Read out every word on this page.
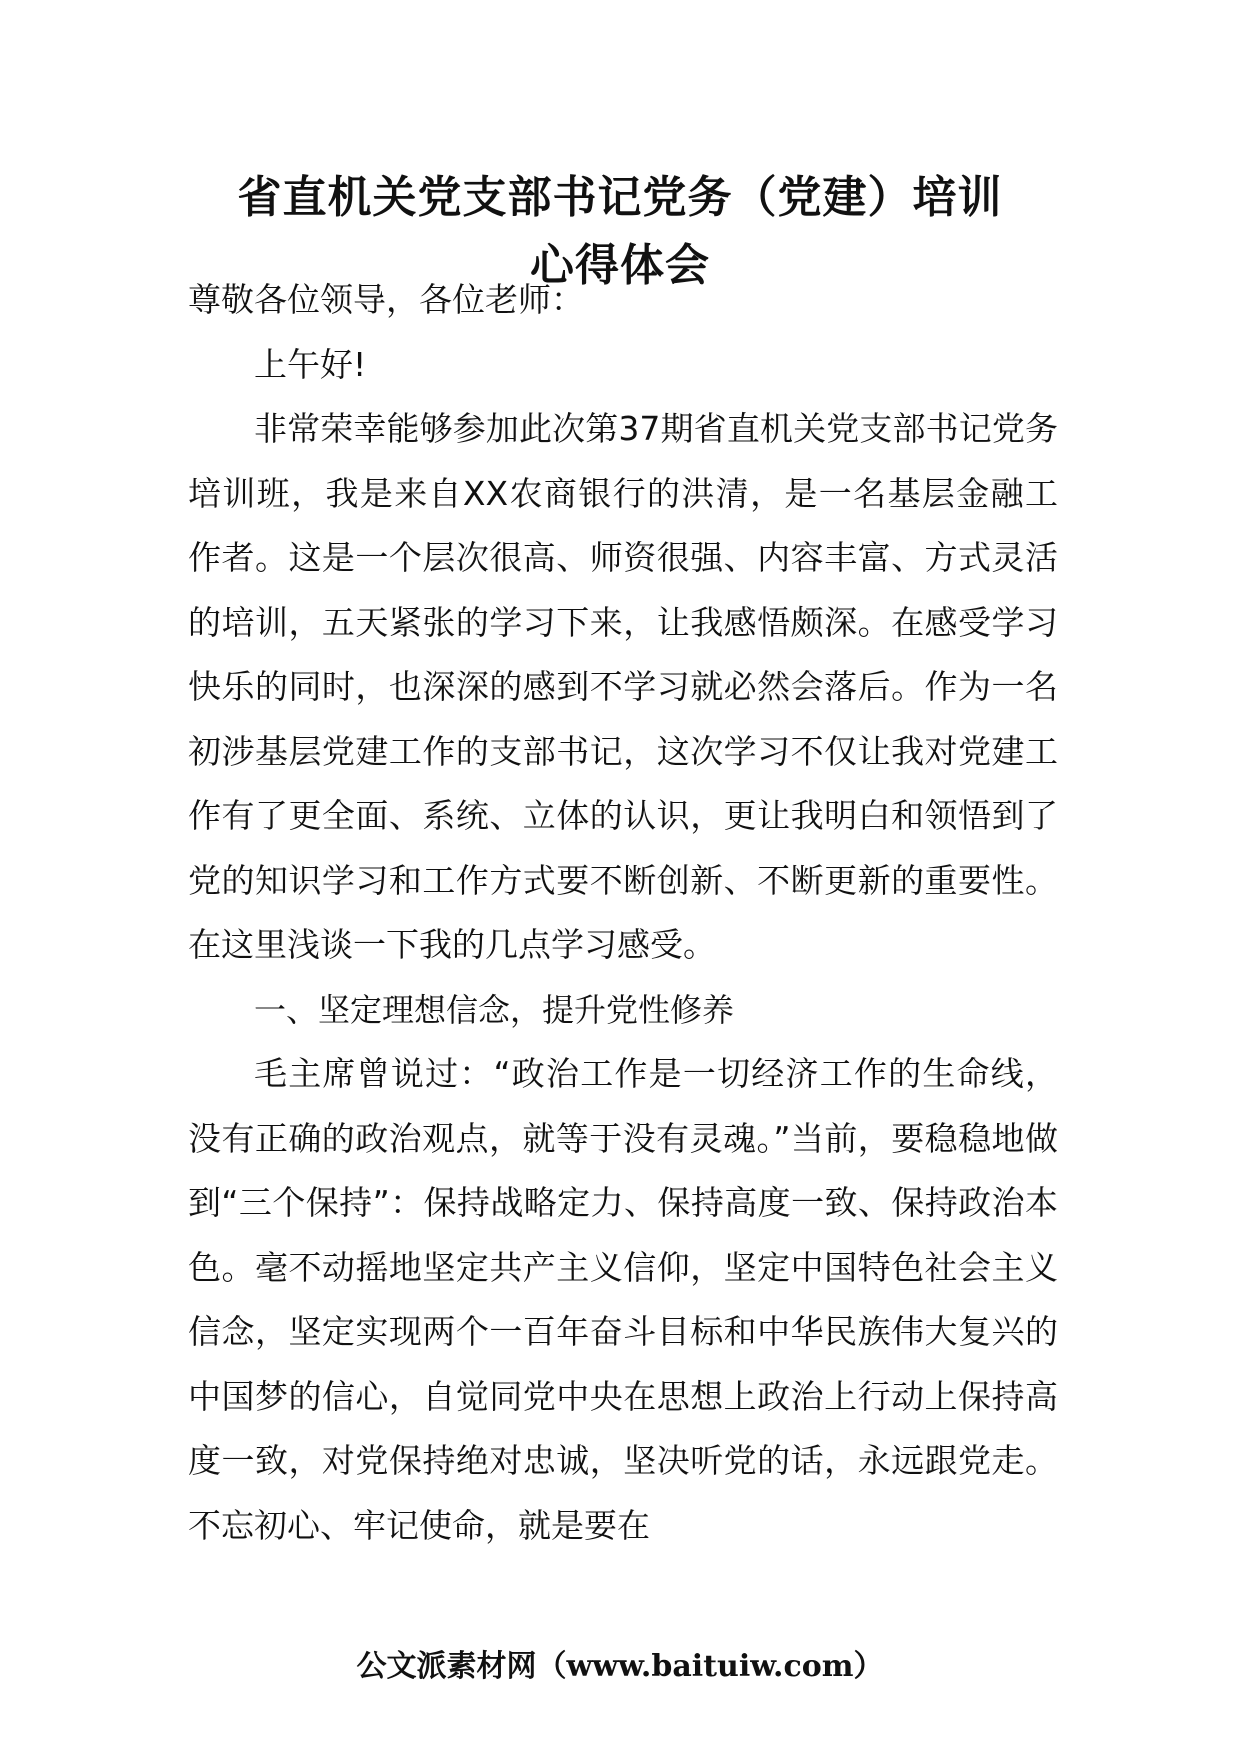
省直机关党支部书记党务（党建）培训
心得体会

尊敬各位领导，各位老师：

上午好!

非常荣幸能够参加此次第37期省直机关党支部书记党务培训班，我是来自XX农商银行的洪清，是一名基层金融工作者。这是一个层次很高、师资很强、内容丰富、方式灵活的培训，五天紧张的学习下来，让我感悟颇深。在感受学习快乐的同时，也深深的感到不学习就必然会落后。作为一名初涉基层党建工作的支部书记，这次学习不仅让我对党建工作有了更全面、系统、立体的认识，更让我明白和领悟到了党的知识学习和工作方式要不断创新、不断更新的重要性。在这里浅谈一下我的几点学习感受。

一、坚定理想信念，提升党性修养

毛主席曾说过：“政治工作是一切经济工作的生命线，没有正确的政治观点，就等于没有灵魂。”当前，要稳稳地做到“三个保持”：保持战略定力、保持高度一致、保持政治本色。毫不动摇地坚定共产主义信仰，坚定中国特色社会主义信念，坚定实现两个一百年奋斗目标和中华民族伟大复兴的中国梦的信心，自觉同党中央在思想上政治上行动上保持高度一致，对党保持绝对忠诚，坚决听党的话，永远跟党走。不忘初心、牢记使命，就是要在

公文派素材网（www.baituiw.com）
